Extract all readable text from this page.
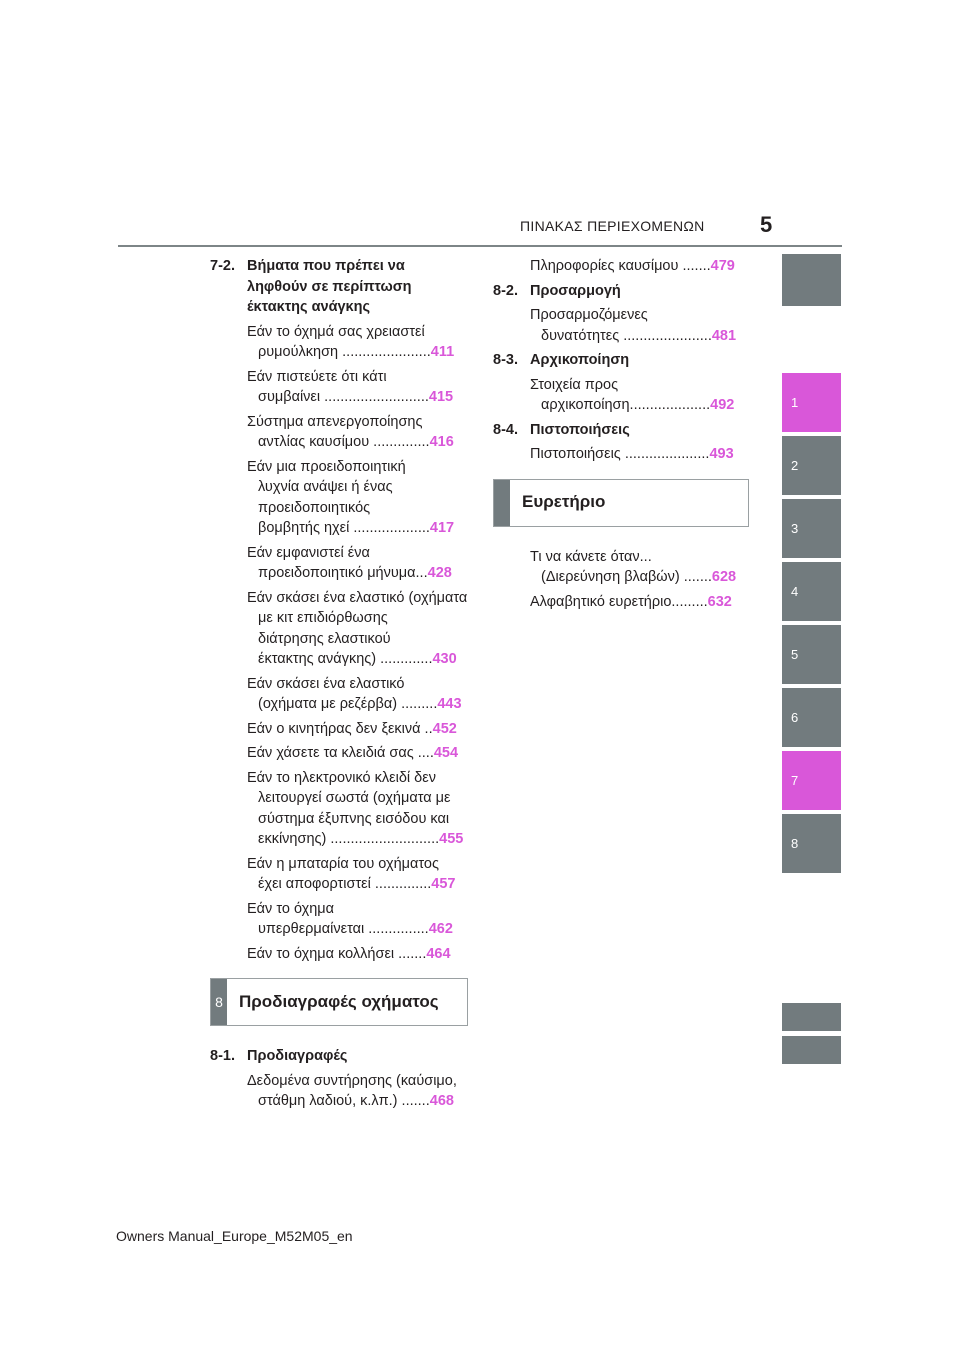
ΠΙΝΑΚΑΣ ΠΕΡΙΕΧΟΜΕΝΩΝ	5
7-2. Βήματα που πρέπει να ληφθούν σε περίπτωση έκτακτης ανάγκης
Εάν το όχημά σας χρειαστεί
ρυμούλκηση ......................411
Εάν πιστεύετε ότι κάτι
συμβαίνει ..........................415
Σύστημα απενεργοποίησης
αντλίας καυσίμου ..............416
Εάν μια προειδοποιητική
λυχνία ανάψει ή ένας
προειδοποιητικός
βομβητής ηχεί ...................417
Εάν εμφανιστεί ένα
προειδοποιητικό μήνυμα...428
Εάν σκάσει ένα ελαστικό (οχήματα
με κιτ επιδιόρθωσης
διάτρησης ελαστικού
έκτακτης ανάγκης) .............430
Εάν σκάσει ένα ελαστικό
(οχήματα με ρεζέρβα) .........443
Εάν ο κινητήρας δεν ξεκινά ..452
Εάν χάσετε τα κλειδιά σας ....454
Εάν το ηλεκτρονικό κλειδί δεν
λειτουργεί σωστά (οχήματα με
σύστημα έξυπνης εισόδου και
εκκίνησης) ...........................455
Εάν η μπαταρία του οχήματος
έχει αποφορτιστεί ..............457
Εάν το όχημα
υπερθερμαίνεται ...............462
Εάν το όχημα κολλήσει .......464
8 Προδιαγραφές οχήματος
8-1. Προδιαγραφές
Δεδομένα συντήρησης (καύσιμο,
στάθμη λαδιού, κ.λπ.) .......468
Πληροφορίες καυσίμου .......479
8-2. Προσαρμογή
Προσαρμοζόμενες
δυνατότητες ......................481
8-3. Αρχικοποίηση
Στοιχεία προς
αρχικοποίηση....................492
8-4. Πιστοποιήσεις
Πιστοποιήσεις .....................493
Ευρετήριο
Τι να κάνετε όταν...
(Διερεύνηση βλαβών) .......628
Αλφαβητικό ευρετήριο.........632
1
2
3
4
5
6
7
8
Owners Manual_Europe_M52M05_en
